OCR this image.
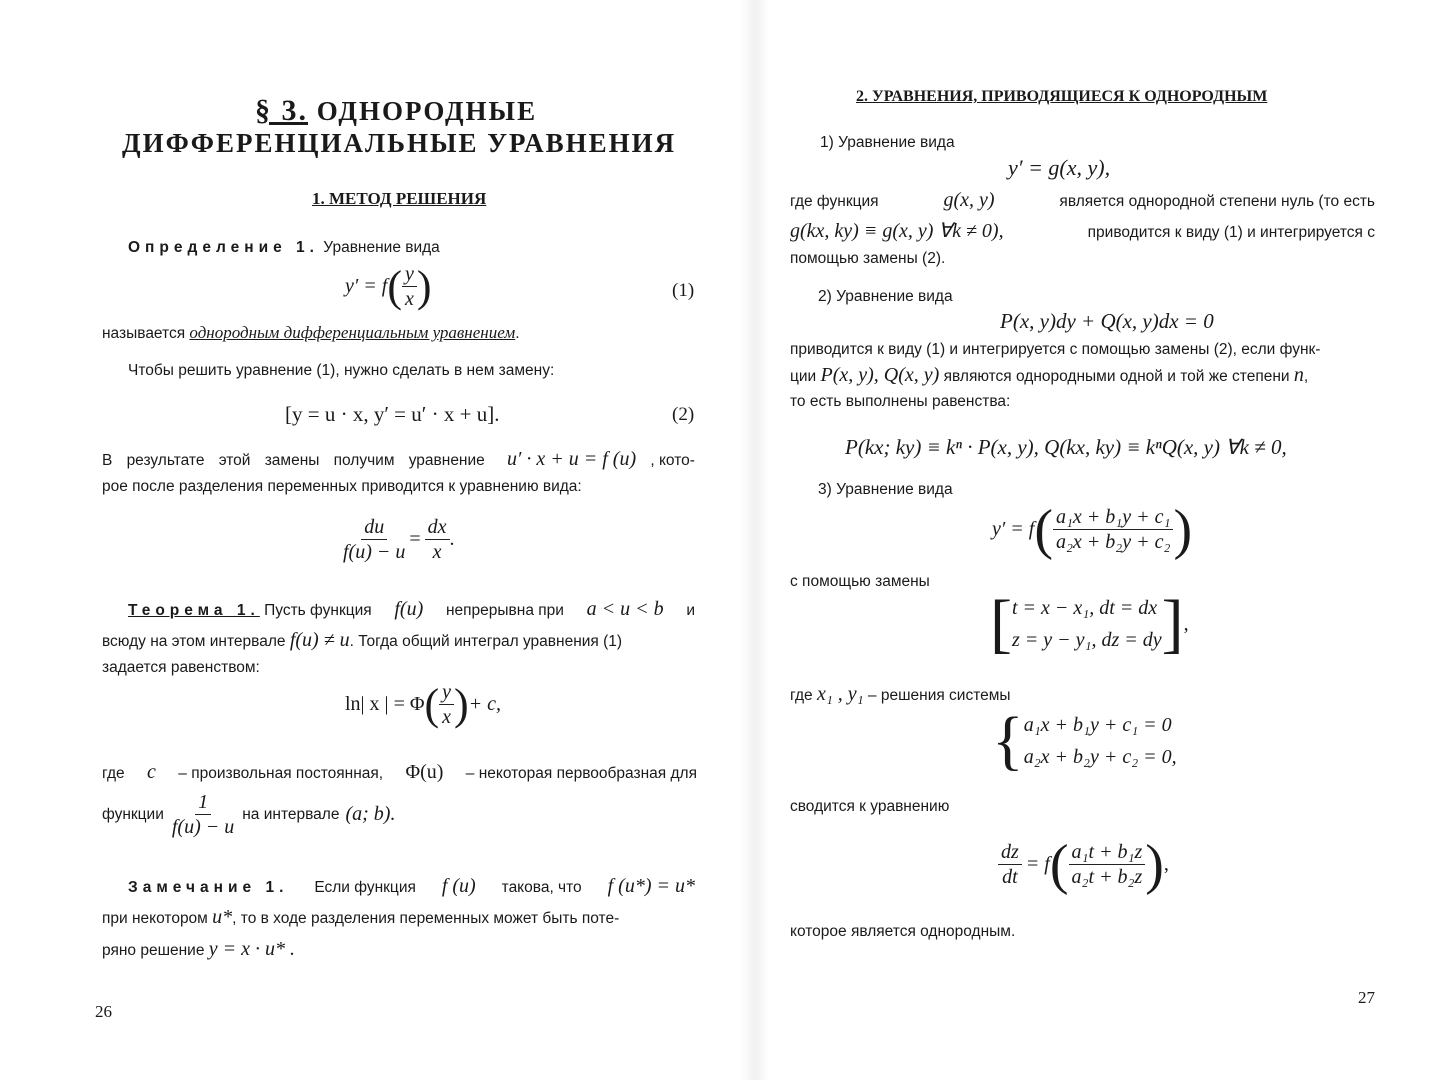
§ 3. ОДНОРОДНЫЕ
ДИФФЕРЕНЦИАЛЬНЫЕ УРАВНЕНИЯ
1. МЕТОД РЕШЕНИЯ
Определение 1. Уравнение вида
y′ = f ( $\frac{y}{x}$ )	(1)
называется однородным дифференциальным уравнением.
Чтобы решить уравнение (1), нужно сделать в нем замену:
[y = u · x, y′ = u′ · x + u].	(2)
В результате этой замены получим уравнение u′ · x + u = f (u) , кото-
рое после разделения переменных приводится к уравнению вида:
$\frac{du}{f(u) - u} = \frac{dx}{x}$ .
Теорема 1. Пусть функция f(u) непрерывна при a < u < b и
всюду на этом интервале f(u) ≠ u. Тогда общий интеграл уравнения (1)
задается равенством:
ln| x | = Φ ( $\frac{y}{x}$ ) + c,
где c – произвольная постоянная, Φ(u) – некоторая первообразная для
функции $\frac{1}{f(u) - u}$ на интервале (a; b).
Замечание 1. Если функция f (u) такова, что f (u*) = u*
при некотором u*, то в ходе разделения переменных может быть поте-
ряно решение y = x · u* .
26
2. УРАВНЕНИЯ, ПРИВОДЯЩИЕСЯ К ОДНОРОДНЫМ
1) Уравнение вида
y′ = g(x, y),
где функция	g(x, y)	является однородной степени нуль (то есть
g(kx, ky) ≡ g(x, y) ∀k ≠ 0),	приводится к виду (1) и интегрируется с
помощью замены (2).
2) Уравнение вида
P(x, y)dy + Q(x, y)dx = 0
приводится к виду (1) и интегрируется с помощью замены (2), если функ-
ции P(x, y), Q(x, y) являются однородными одной и той же степени n,
то есть выполнены равенства:
P(kx; ky) ≡ kⁿ · P(x, y), Q(kx, ky) ≡ kⁿQ(x, y) ∀k ≠ 0,
3) Уравнение вида
y′ = f ( $\frac{\text{a₁x + b₁y + c₁}}{\text{a₂x + b₂y + c₂}}$ )
с помощью замены
[ t = x − x₁, dt = dx
z = y − y₁, dz = dy ] ,
где x₁ , y₁ – решения системы
{ a₁x + b₁y + c₁ = 0
a₂x + b₂y + c₂ = 0,
сводится к уравнению
$\frac{dz}{dt} = f$ ( $\frac{\text{a₁t + b₁z}}{\text{a₂t + b₂z}}$ ) ,
которое является однородным.
27
